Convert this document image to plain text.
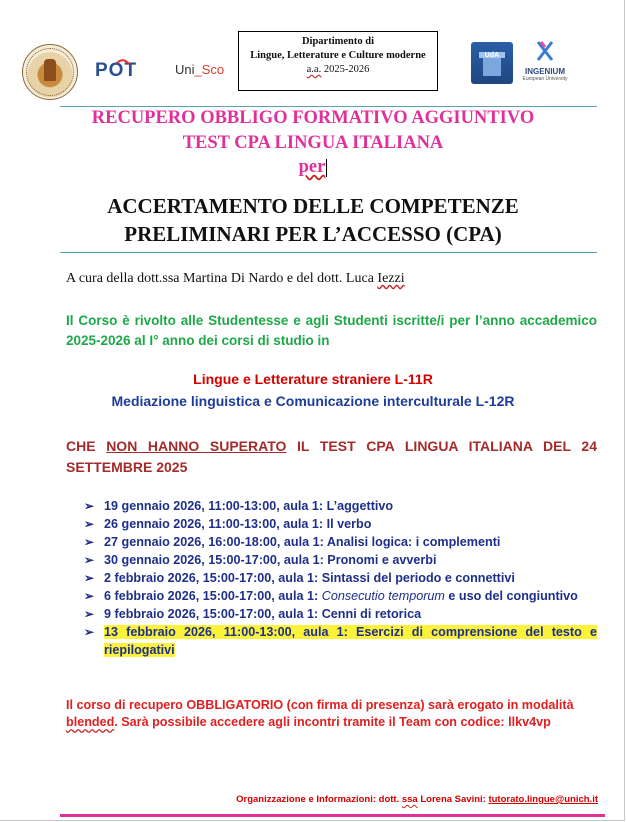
POT	Uni_Sco
Dipartimento di
Lingue, Letterature e Culture moderne
a.a. 2025-2026
UdA
INGENIUM
European University
RECUPERO OBBLIGO FORMATIVO AGGIUNTIVO
TEST CPA LINGUA ITALIANA
per
ACCERTAMENTO DELLE COMPETENZE
PRELIMINARI PER L’ACCESSO (CPA)
A cura della dott.ssa Martina Di Nardo e del dott. Luca Iezzi
Il Corso è rivolto alle Studentesse e agli Studenti iscritte/i per l’anno accademico 2025-2026 al I° anno dei corsi di studio in
Lingue e Letterature straniere L-11R
Mediazione linguistica e Comunicazione interculturale L-12R
CHE NON HANNO SUPERATO IL TEST CPA LINGUA ITALIANA DEL 24 SETTEMBRE 2025
➢ 19 gennaio 2026, 11:00-13:00, aula 1: L’aggettivo
➢ 26 gennaio 2026, 11:00-13:00, aula 1: Il verbo
➢ 27 gennaio 2026, 16:00-18:00, aula 1: Analisi logica: i complementi
➢ 30 gennaio 2026, 15:00-17:00, aula 1: Pronomi e avverbi
➢ 2 febbraio 2026, 15:00-17:00, aula 1: Sintassi del periodo e connettivi
➢ 6 febbraio 2026, 15:00-17:00, aula 1: Consecutio temporum e uso del congiuntivo
➢ 9 febbraio 2026, 15:00-17:00, aula 1: Cenni di retorica
➢ 13 febbraio 2026, 11:00-13:00, aula 1: Esercizi di comprensione del testo e riepilogativi
Il corso di recupero OBBLIGATORIO (con firma di presenza) sarà erogato in modalità blended. Sarà possibile accedere agli incontri tramite il Team con codice: llkv4vp
Organizzazione e Informazioni: dott. ssa Lorena Savini: tutorato.lingue@unich.it
